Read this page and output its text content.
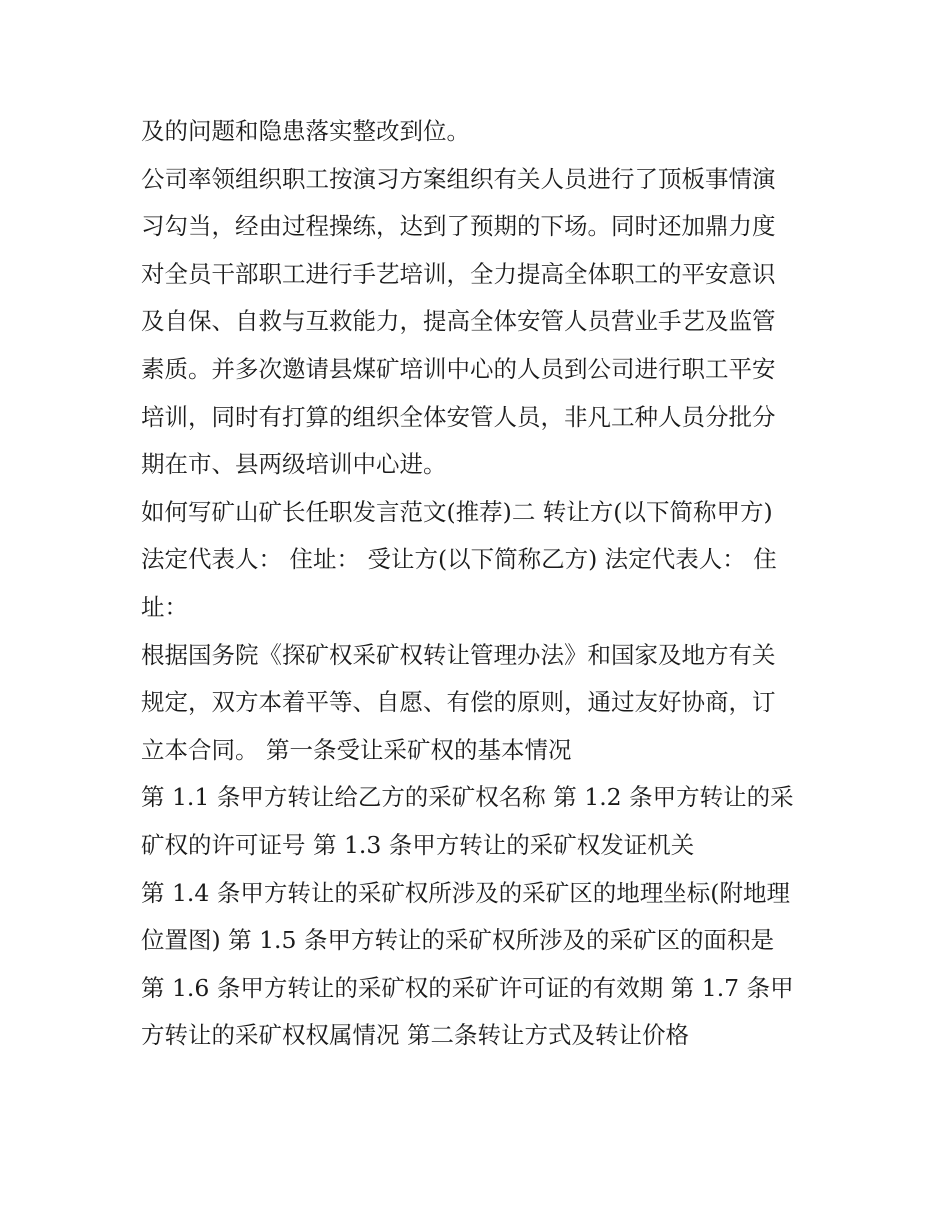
及的问题和隐患落实整改到位。
公司率领组织职工按演习方案组织有关人员进行了顶板事情演
习勾当，经由过程操练，达到了预期的下场。同时还加鼎力度
对全员干部职工进行手艺培训，全力提高全体职工的平安意识
及自保、自救与互救能力，提高全体安管人员营业手艺及监管
素质。并多次邀请县煤矿培训中心的人员到公司进行职工平安
培训，同时有打算的组织全体安管人员，非凡工种人员分批分
期在市、县两级培训中心进。
如何写矿山矿长任职发言范文(推荐)二 转让方(以下简称甲方)
法定代表人： 住址： 受让方(以下简称乙方) 法定代表人： 住
址：
根据国务院《探矿权采矿权转让管理办法》和国家及地方有关
规定，双方本着平等、自愿、有偿的原则，通过友好协商，订
立本合同。 第一条受让采矿权的基本情况
第 1.1 条甲方转让给乙方的采矿权名称 第 1.2 条甲方转让的采
矿权的许可证号 第 1.3 条甲方转让的采矿权发证机关
第 1.4 条甲方转让的采矿权所涉及的采矿区的地理坐标(附地理
位置图) 第 1.5 条甲方转让的采矿权所涉及的采矿区的面积是
第 1.6 条甲方转让的采矿权的采矿许可证的有效期 第 1.7 条甲
方转让的采矿权权属情况 第二条转让方式及转让价格
